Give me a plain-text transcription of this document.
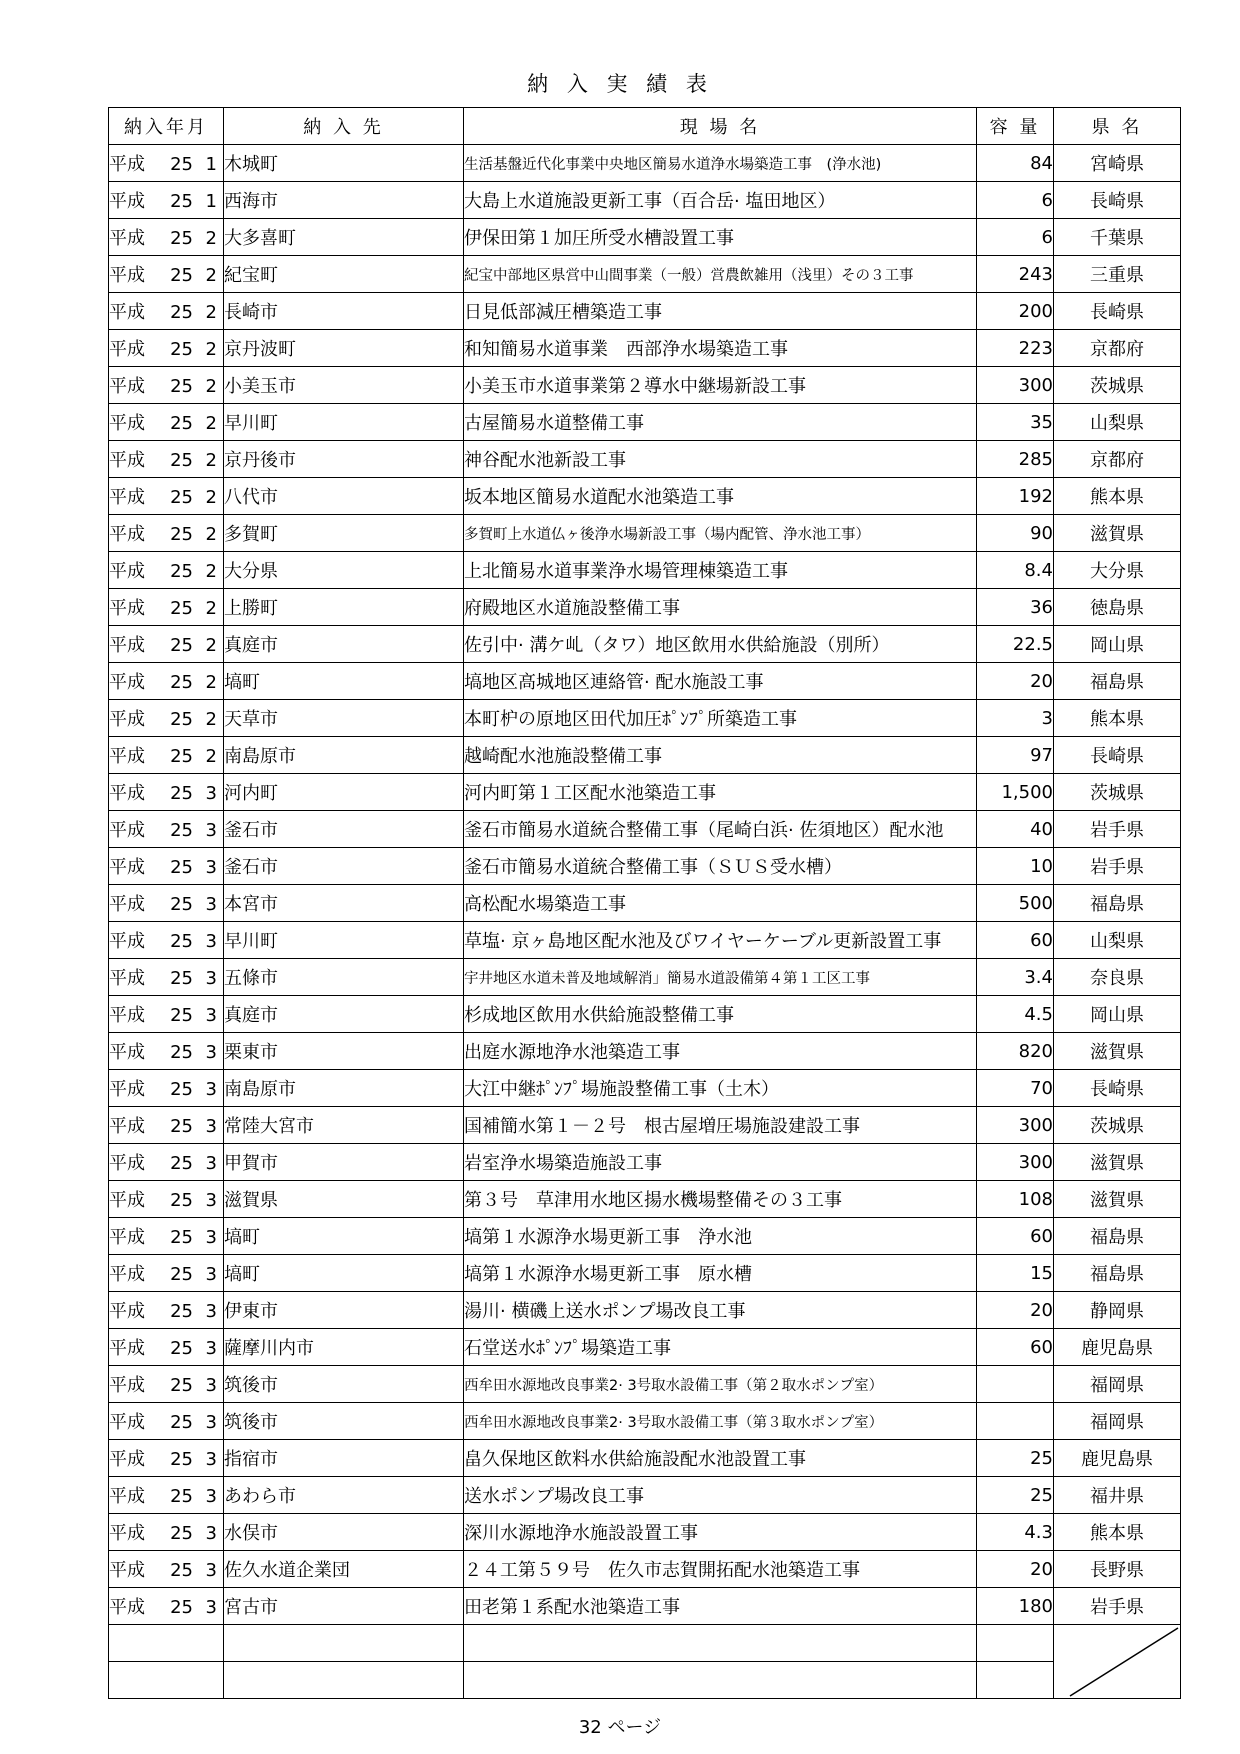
納 入 実 績 表
納入年月	納 入 先	現 場 名	容 量	県 名
平成 25 1	木城町	生活基盤近代化事業中央地区簡易水道浄水場築造工事　(浄水池)	84	宮崎県
平成 25 1	西海市	大島上水道施設更新工事（百合岳· 塩田地区）	6	長崎県
平成 25 2	大多喜町	伊保田第１加圧所受水槽設置工事	6	千葉県
平成 25 2	紀宝町	紀宝中部地区県営中山間事業（一般）営農飲雑用（浅里）その３工事	243	三重県
平成 25 2	長崎市	日見低部減圧槽築造工事	200	長崎県
平成 25 2	京丹波町	和知簡易水道事業　西部浄水場築造工事	223	京都府
平成 25 2	小美玉市	小美玉市水道事業第２導水中継場新設工事	300	茨城県
平成 25 2	早川町	古屋簡易水道整備工事	35	山梨県
平成 25 2	京丹後市	神谷配水池新設工事	285	京都府
平成 25 2	八代市	坂本地区簡易水道配水池築造工事	192	熊本県
平成 25 2	多賀町	多賀町上水道仏ヶ後浄水場新設工事（場内配管、浄水池工事）	90	滋賀県
平成 25 2	大分県	上北簡易水道事業浄水場管理棟築造工事	8.4	大分県
平成 25 2	上勝町	府殿地区水道施設整備工事	36	徳島県
平成 25 2	真庭市	佐引中· 溝ケ乢（タワ）地区飲用水供給施設（別所）	22.5	岡山県
平成 25 2	塙町	塙地区高城地区連絡管· 配水施設工事	20	福島県
平成 25 2	天草市	本町枦の原地区田代加圧ﾎﾟﾝﾌﾟ所築造工事	3	熊本県
平成 25 2	南島原市	越崎配水池施設整備工事	97	長崎県
平成 25 3	河内町	河内町第１工区配水池築造工事	1,500	茨城県
平成 25 3	釜石市	釜石市簡易水道統合整備工事（尾崎白浜· 佐須地区）配水池	40	岩手県
平成 25 3	釜石市	釜石市簡易水道統合整備工事（ＳＵＳ受水槽）	10	岩手県
平成 25 3	本宮市	高松配水場築造工事	500	福島県
平成 25 3	早川町	草塩· 京ヶ島地区配水池及びワイヤーケーブル更新設置工事	60	山梨県
平成 25 3	五條市	宇井地区水道未普及地域解消」簡易水道設備第４第１工区工事	3.4	奈良県
平成 25 3	真庭市	杉成地区飲用水供給施設整備工事	4.5	岡山県
平成 25 3	栗東市	出庭水源地浄水池築造工事	820	滋賀県
平成 25 3	南島原市	大江中継ﾎﾟﾝﾌﾟ場施設整備工事（土木）	70	長崎県
平成 25 3	常陸大宮市	国補簡水第１－２号　根古屋増圧場施設建設工事	300	茨城県
平成 25 3	甲賀市	岩室浄水場築造施設工事	300	滋賀県
平成 25 3	滋賀県	第３号　草津用水地区揚水機場整備その３工事	108	滋賀県
平成 25 3	塙町	塙第１水源浄水場更新工事　浄水池	60	福島県
平成 25 3	塙町	塙第１水源浄水場更新工事　原水槽	15	福島県
平成 25 3	伊東市	湯川· 横磯上送水ポンプ場改良工事	20	静岡県
平成 25 3	薩摩川内市	石堂送水ﾎﾟﾝﾌﾟ場築造工事	60	鹿児島県
平成 25 3	筑後市	西牟田水源地改良事業2· 3号取水設備工事（第２取水ポンプ室）		福岡県
平成 25 3	筑後市	西牟田水源地改良事業2· 3号取水設備工事（第３取水ポンプ室）		福岡県
平成 25 3	指宿市	畠久保地区飲料水供給施設配水池設置工事	25	鹿児島県
平成 25 3	あわら市	送水ポンプ場改良工事	25	福井県
平成 25 3	水俣市	深川水源地浄水施設設置工事	4.3	熊本県
平成 25 3	佐久水道企業団	２４工第５９号　佐久市志賀開拓配水池築造工事	20	長野県
平成 25 3	宮古市	田老第１系配水池築造工事	180	岩手県

32 ページ
